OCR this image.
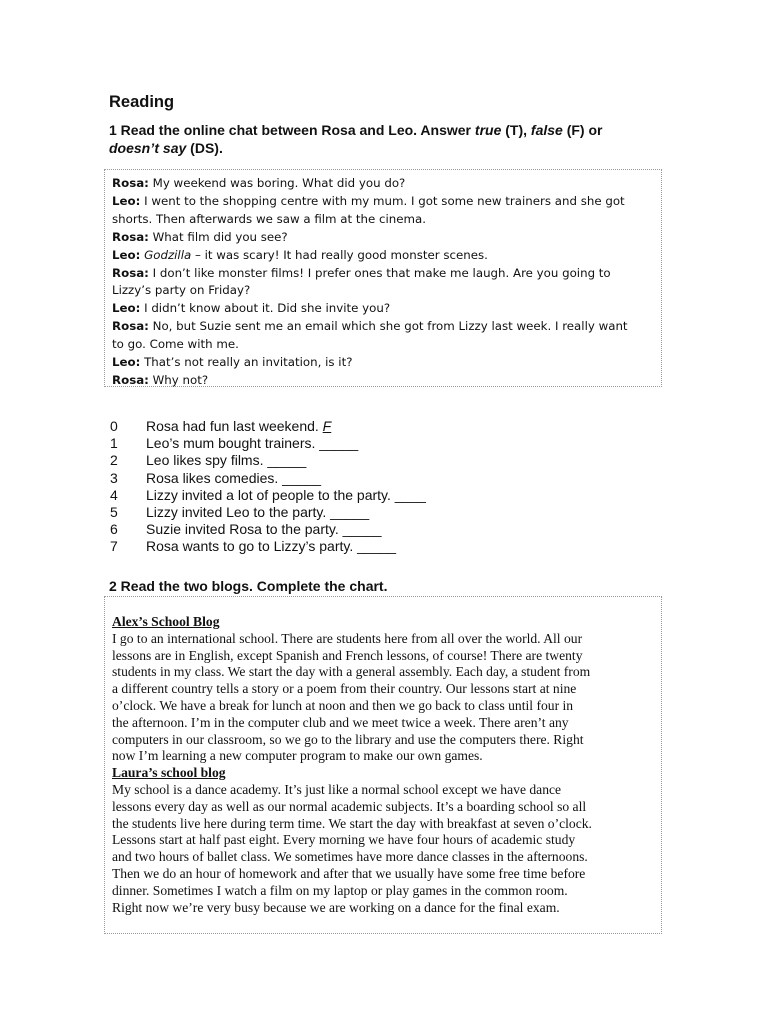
Reading

1 Read the online chat between Rosa and Leo. Answer true (T), false (F) or
doesn’t say (DS).

Rosa: My weekend was boring. What did you do?
Leo: I went to the shopping centre with my mum. I got some new trainers and she got
shorts. Then afterwards we saw a film at the cinema.
Rosa: What film did you see?
Leo: Godzilla – it was scary! It had really good monster scenes.
Rosa: I don’t like monster films! I prefer ones that make me laugh. Are you going to
Lizzy’s party on Friday?
Leo: I didn’t know about it. Did she invite you?
Rosa: No, but Suzie sent me an email which she got from Lizzy last week. I really want
to go. Come with me.
Leo: That’s not really an invitation, is it?
Rosa: Why not?
0 Rosa had fun last weekend. F
1 Leo’s mum bought trainers. _____
2 Leo likes spy films. _____
3 Rosa likes comedies. _____
4 Lizzy invited a lot of people to the party. ____
5 Lizzy invited Leo to the party. _____
6 Suzie invited Rosa to the party. _____
7 Rosa wants to go to Lizzy’s party. _____

2 Read the two blogs. Complete the chart.

Alex’s School Blog
I go to an international school. There are students here from all over the world. All our
lessons are in English, except Spanish and French lessons, of course! There are twenty
students in my class. We start the day with a general assembly. Each day, a student from
a different country tells a story or a poem from their country. Our lessons start at nine
o’clock. We have a break for lunch at noon and then we go back to class until four in
the afternoon. I’m in the computer club and we meet twice a week. There aren’t any
computers in our classroom, so we go to the library and use the computers there. Right
now I’m learning a new computer program to make our own games.
Laura’s school blog
My school is a dance academy. It’s just like a normal school except we have dance
lessons every day as well as our normal academic subjects. It’s a boarding school so all
the students live here during term time. We start the day with breakfast at seven o’clock.
Lessons start at half past eight. Every morning we have four hours of academic study
and two hours of ballet class. We sometimes have more dance classes in the afternoons.
Then we do an hour of homework and after that we usually have some free time before
dinner. Sometimes I watch a film on my laptop or play games in the common room.
Right now we’re very busy because we are working on a dance for the final exam.
